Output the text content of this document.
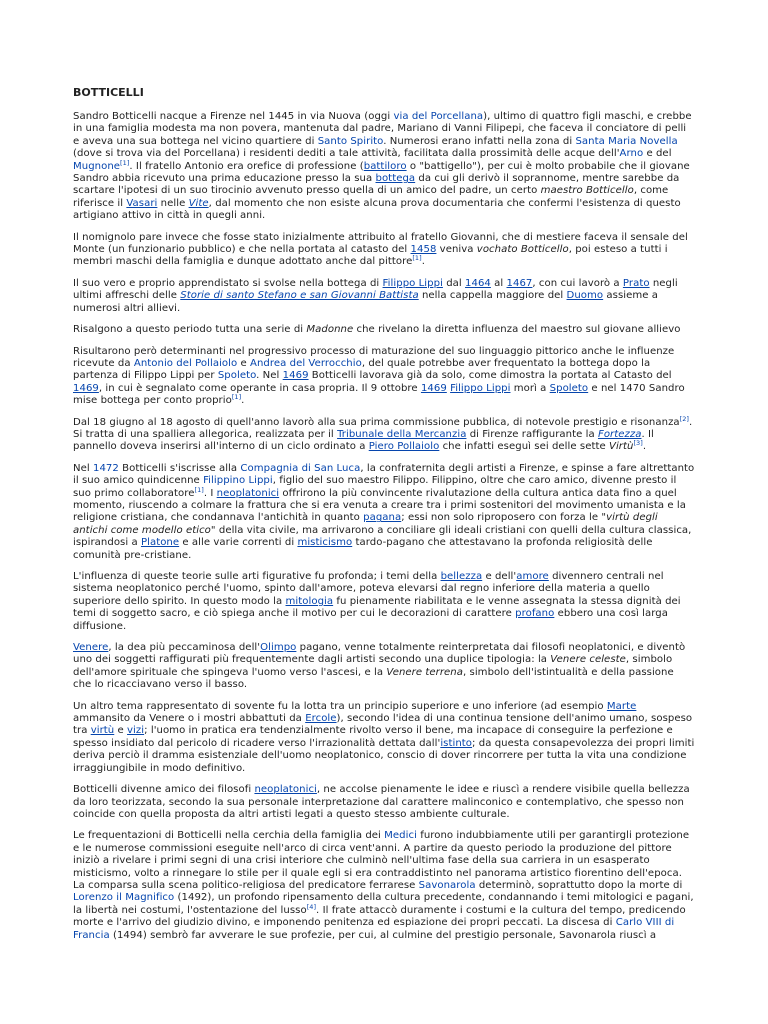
BOTTICELLI

Sandro Botticelli nacque a Firenze nel 1445 in via Nuova (oggi via del Porcellana), ultimo di quattro figli maschi, e crebbe in una famiglia modesta ma non povera, mantenuta dal padre, Mariano di Vanni Filipepi, che faceva il conciatore di pelli e aveva una sua bottega nel vicino quartiere di Santo Spirito. Numerosi erano infatti nella zona di Santa Maria Novella (dove si trova via del Porcellana) i residenti dediti a tale attività, facilitata dalla prossimità delle acque dell'Arno e del Mugnone[1]. Il fratello Antonio era orefice di professione (battiloro o "battigello"), per cui è molto probabile che il giovane Sandro abbia ricevuto una prima educazione presso la sua bottega da cui gli derivò il soprannome, mentre sarebbe da scartare l'ipotesi di un suo tirocinio avvenuto presso quella di un amico del padre, un certo maestro Botticello, come riferisce il Vasari nelle Vite, dal momento che non esiste alcuna prova documentaria che confermi l'esistenza di questo artigiano attivo in città in quegli anni.

Il nomignolo pare invece che fosse stato inizialmente attribuito al fratello Giovanni, che di mestiere faceva il sensale del Monte (un funzionario pubblico) e che nella portata al catasto del 1458 veniva vochato Botticello, poi esteso a tutti i membri maschi della famiglia e dunque adottato anche dal pittore[1].

Il suo vero e proprio apprendistato si svolse nella bottega di Filippo Lippi dal 1464 al 1467, con cui lavorò a Prato negli ultimi affreschi delle Storie di santo Stefano e san Giovanni Battista nella cappella maggiore del Duomo assieme a numerosi altri allievi.

Risalgono a questo periodo tutta una serie di Madonne che rivelano la diretta influenza del maestro sul giovane allievo

Risultarono però determinanti nel progressivo processo di maturazione del suo linguaggio pittorico anche le influenze ricevute da Antonio del Pollaiolo e Andrea del Verrocchio, del quale potrebbe aver frequentato la bottega dopo la partenza di Filippo Lippi per Spoleto. Nel 1469 Botticelli lavorava già da solo, come dimostra la portata al Catasto del 1469, in cui è segnalato come operante in casa propria. Il 9 ottobre 1469 Filippo Lippi morì a Spoleto e nel 1470 Sandro mise bottega per conto proprio[1].

Dal 18 giugno al 18 agosto di quell'anno lavorò alla sua prima commissione pubblica, di notevole prestigio e risonanza[2]. Si tratta di una spalliera allegorica, realizzata per il Tribunale della Mercanzia di Firenze raffigurante la Fortezza. Il pannello doveva inserirsi all'interno di un ciclo ordinato a Piero Pollaiolo che infatti eseguì sei delle sette Virtù[3].

Nel 1472 Botticelli s'iscrisse alla Compagnia di San Luca, la confraternita degli artisti a Firenze, e spinse a fare altrettanto il suo amico quindicenne Filippino Lippi, figlio del suo maestro Filippo. Filippino, oltre che caro amico, divenne presto il suo primo collaboratore[1]. I neoplatonici offrirono la più convincente rivalutazione della cultura antica data fino a quel momento, riuscendo a colmare la frattura che si era venuta a creare tra i primi sostenitori del movimento umanista e la religione cristiana, che condannava l'antichità in quanto pagana; essi non solo riproposero con forza le "virtù degli antichi come modello etico" della vita civile, ma arrivarono a conciliare gli ideali cristiani con quelli della cultura classica, ispirandosi a Platone e alle varie correnti di misticismo tardo-pagano che attestavano la profonda religiosità delle comunità pre-cristiane.

L'influenza di queste teorie sulle arti figurative fu profonda; i temi della bellezza e dell'amore divennero centrali nel sistema neoplatonico perché l'uomo, spinto dall'amore, poteva elevarsi dal regno inferiore della materia a quello superiore dello spirito. In questo modo la mitologia fu pienamente riabilitata e le venne assegnata la stessa dignità dei temi di soggetto sacro, e ciò spiega anche il motivo per cui le decorazioni di carattere profano ebbero una così larga diffusione.

Venere, la dea più peccaminosa dell'Olimpo pagano, venne totalmente reinterpretata dai filosofi neoplatonici, e diventò uno dei soggetti raffigurati più frequentemente dagli artisti secondo una duplice tipologia: la Venere celeste, simbolo dell'amore spirituale che spingeva l'uomo verso l'ascesi, e la Venere terrena, simbolo dell'istintualità e della passione che lo ricacciavano verso il basso.

Un altro tema rappresentato di sovente fu la lotta tra un principio superiore e uno inferiore (ad esempio Marte ammansito da Venere o i mostri abbattuti da Ercole), secondo l'idea di una continua tensione dell'animo umano, sospeso tra virtù e vizi; l'uomo in pratica era tendenzialmente rivolto verso il bene, ma incapace di conseguire la perfezione e spesso insidiato dal pericolo di ricadere verso l'irrazionalità dettata dall'istinto; da questa consapevolezza dei propri limiti deriva perciò il dramma esistenziale dell'uomo neoplatonico, conscio di dover rincorrere per tutta la vita una condizione irraggiungibile in modo definitivo.

Botticelli divenne amico dei filosofi neoplatonici, ne accolse pienamente le idee e riuscì a rendere visibile quella bellezza da loro teorizzata, secondo la sua personale interpretazione dal carattere malinconico e contemplativo, che spesso non coincide con quella proposta da altri artisti legati a questo stesso ambiente culturale.

Le frequentazioni di Botticelli nella cerchia della famiglia dei Medici furono indubbiamente utili per garantirgli protezione e le numerose commissioni eseguite nell'arco di circa vent'anni. A partire da questo periodo la produzione del pittore iniziò a rivelare i primi segni di una crisi interiore che culminò nell'ultima fase della sua carriera in un esasperato misticismo, volto a rinnegare lo stile per il quale egli si era contraddistinto nel panorama artistico fiorentino dell'epoca. La comparsa sulla scena politico-religiosa del predicatore ferrarese Savonarola determinò, soprattutto dopo la morte di Lorenzo il Magnifico (1492), un profondo ripensamento della cultura precedente, condannando i temi mitologici e pagani, la libertà nei costumi, l'ostentazione del lusso[4]. Il frate attaccò duramente i costumi e la cultura del tempo, predicendo morte e l'arrivo del giudizio divino, e imponendo penitenza ed espiazione dei propri peccati. La discesa di Carlo VIII di Francia (1494) sembrò far avverare le sue profezie, per cui, al culmine del prestigio personale, Savonarola riuscì a
